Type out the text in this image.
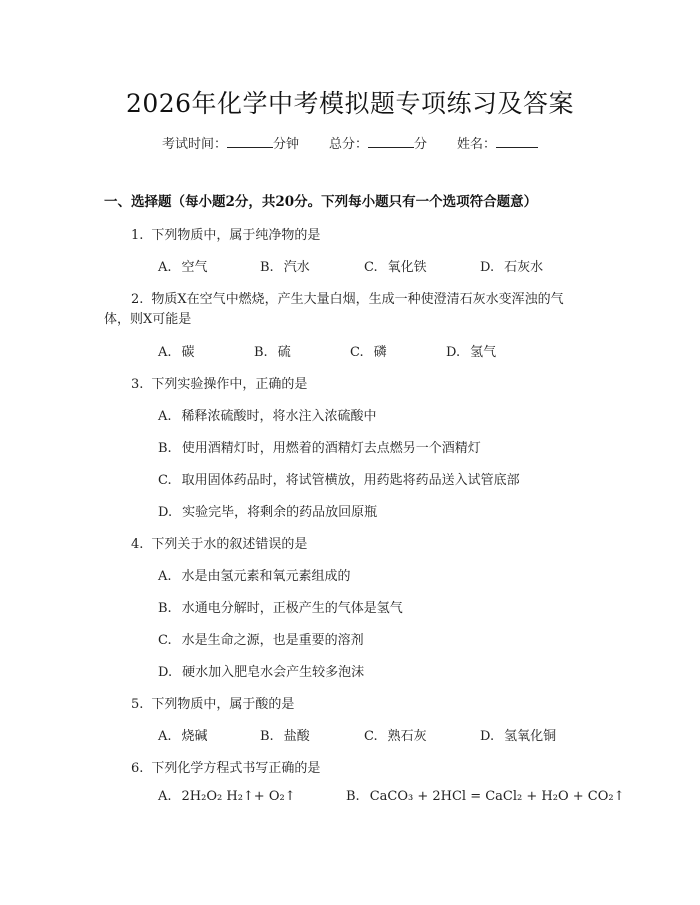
2026年化学中考模拟题专项练习及答案
考试时间：	分钟 总分：	分 姓名：
一、选择题（每小题2分，共20分。下列每小题只有一个选项符合题意）
1. 下列物质中，属于纯净物的是
A. 空气	B. 汽水	C. 氧化铁	D. 石灰水
2. 物质X在空气中燃烧，产生大量白烟，生成一种使澄清石灰水变浑浊的气
体，则X可能是
A. 碳	B. 硫	C. 磷	D. 氢气
3. 下列实验操作中，正确的是
A. 稀释浓硫酸时，将水注入浓硫酸中
B. 使用酒精灯时，用燃着的酒精灯去点燃另一个酒精灯
C. 取用固体药品时，将试管横放，用药匙将药品送入试管底部
D. 实验完毕，将剩余的药品放回原瓶
4. 下列关于水的叙述错误的是
A. 水是由氢元素和氧元素组成的
B. 水通电分解时，正极产生的气体是氢气
C. 水是生命之源，也是重要的溶剂
D. 硬水加入肥皂水会产生较多泡沫
5. 下列物质中，属于酸的是
A. 烧碱	B. 盐酸	C. 熟石灰	D. 氢氧化铜
6. 下列化学方程式书写正确的是
A. 2H₂O₂ H₂↑+ O₂↑	B. CaCO₃ + 2HCl = CaCl₂ + H₂O + CO₂↑
